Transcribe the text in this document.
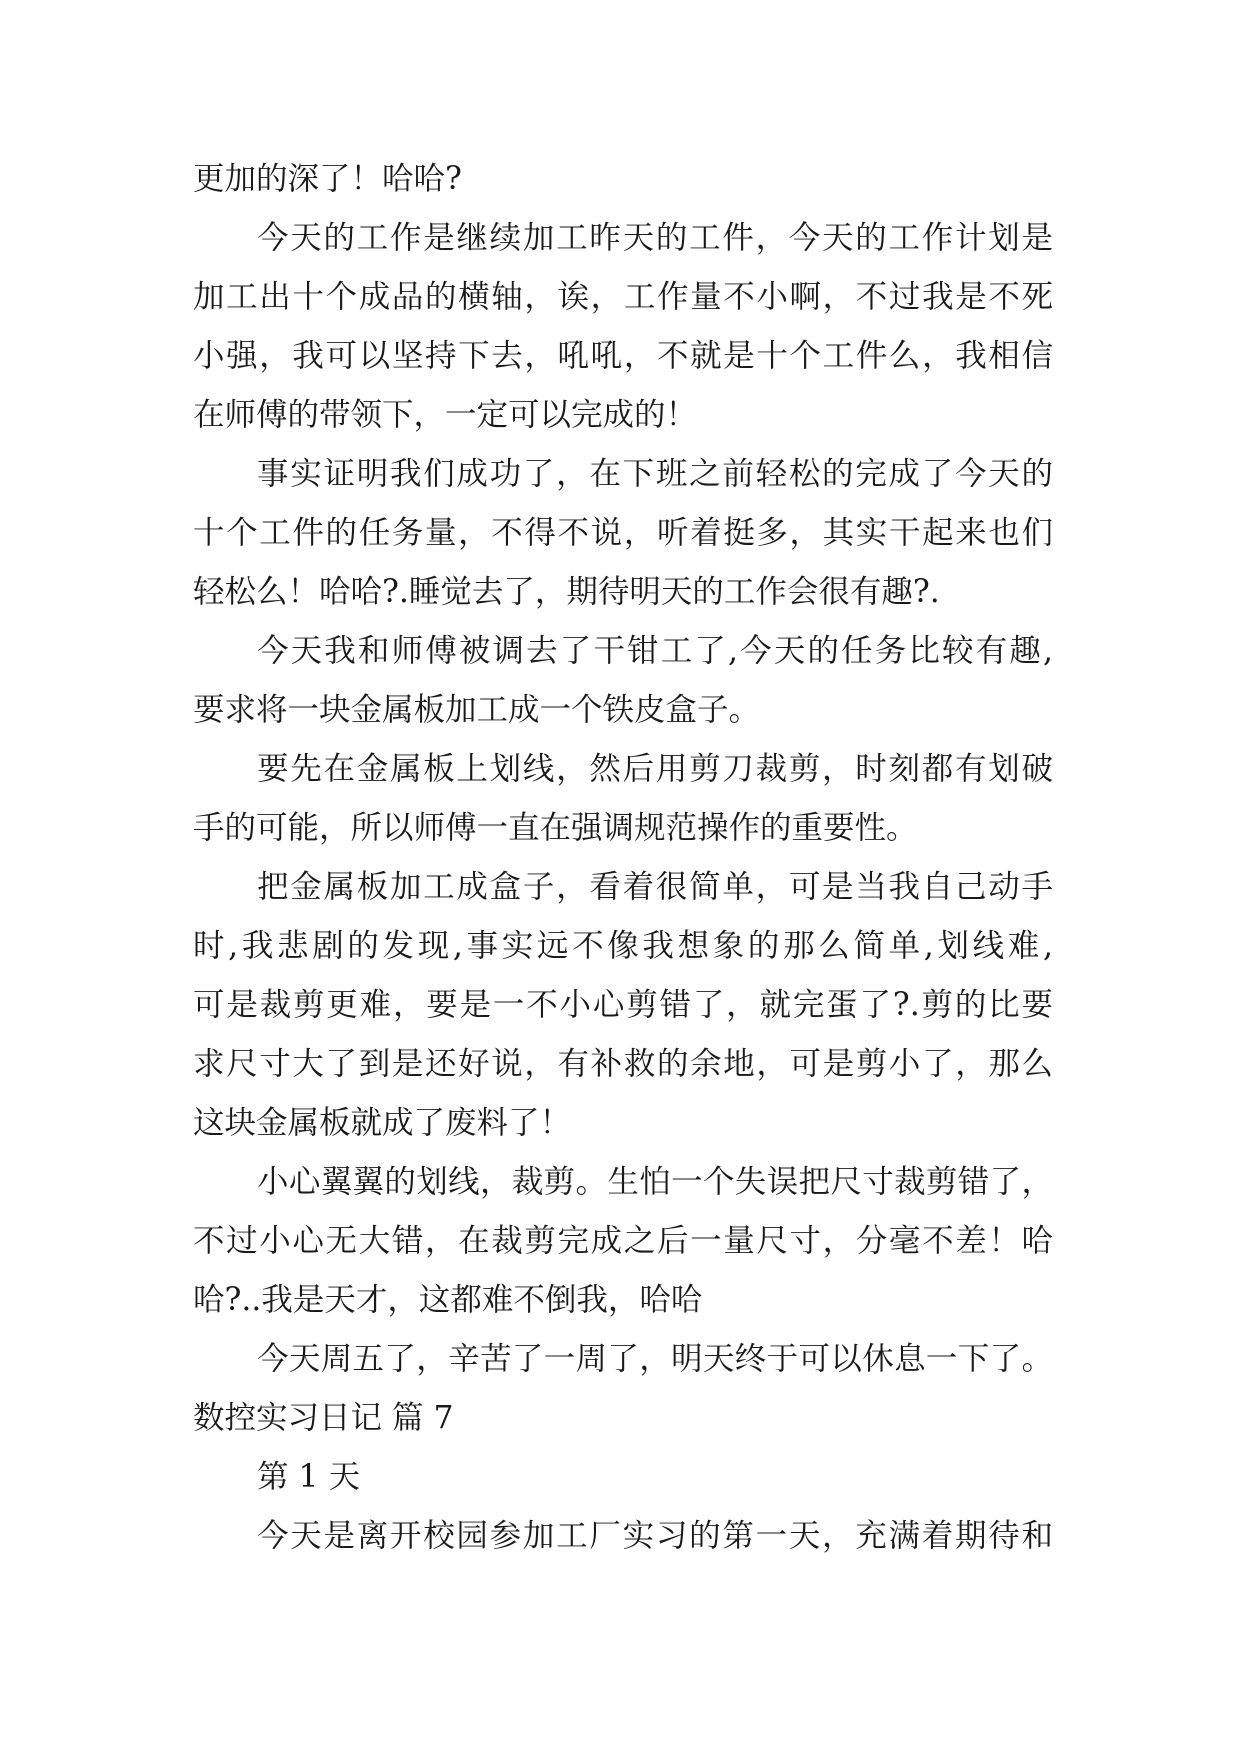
更加的深了！哈哈?
今天的工作是继续加工昨天的工件，今天的工作计划是
加工出十个成品的横轴，诶，工作量不小啊，不过我是不死
小强，我可以坚持下去，吼吼，不就是十个工件么，我相信
在师傅的带领下，一定可以完成的！
事实证明我们成功了，在下班之前轻松的完成了今天的
十个工件的任务量，不得不说，听着挺多，其实干起来也们
轻松么！哈哈?.睡觉去了，期待明天的工作会很有趣?.
今天我和师傅被调去了干钳工了,今天的任务比较有趣,
要求将一块金属板加工成一个铁皮盒子。
要先在金属板上划线，然后用剪刀裁剪，时刻都有划破
手的可能，所以师傅一直在强调规范操作的重要性。
把金属板加工成盒子，看着很简单，可是当我自己动手
时,我悲剧的发现,事实远不像我想象的那么简单,划线难,
可是裁剪更难，要是一不小心剪错了，就完蛋了?.剪的比要
求尺寸大了到是还好说，有补救的余地，可是剪小了，那么
这块金属板就成了废料了！
小心翼翼的划线，裁剪。生怕一个失误把尺寸裁剪错了，
不过小心无大错，在裁剪完成之后一量尺寸，分毫不差！哈
哈?..我是天才，这都难不倒我，哈哈
今天周五了，辛苦了一周了，明天终于可以休息一下了。
数控实习日记 篇 7
第 1 天
今天是离开校园参加工厂实习的第一天，充满着期待和
